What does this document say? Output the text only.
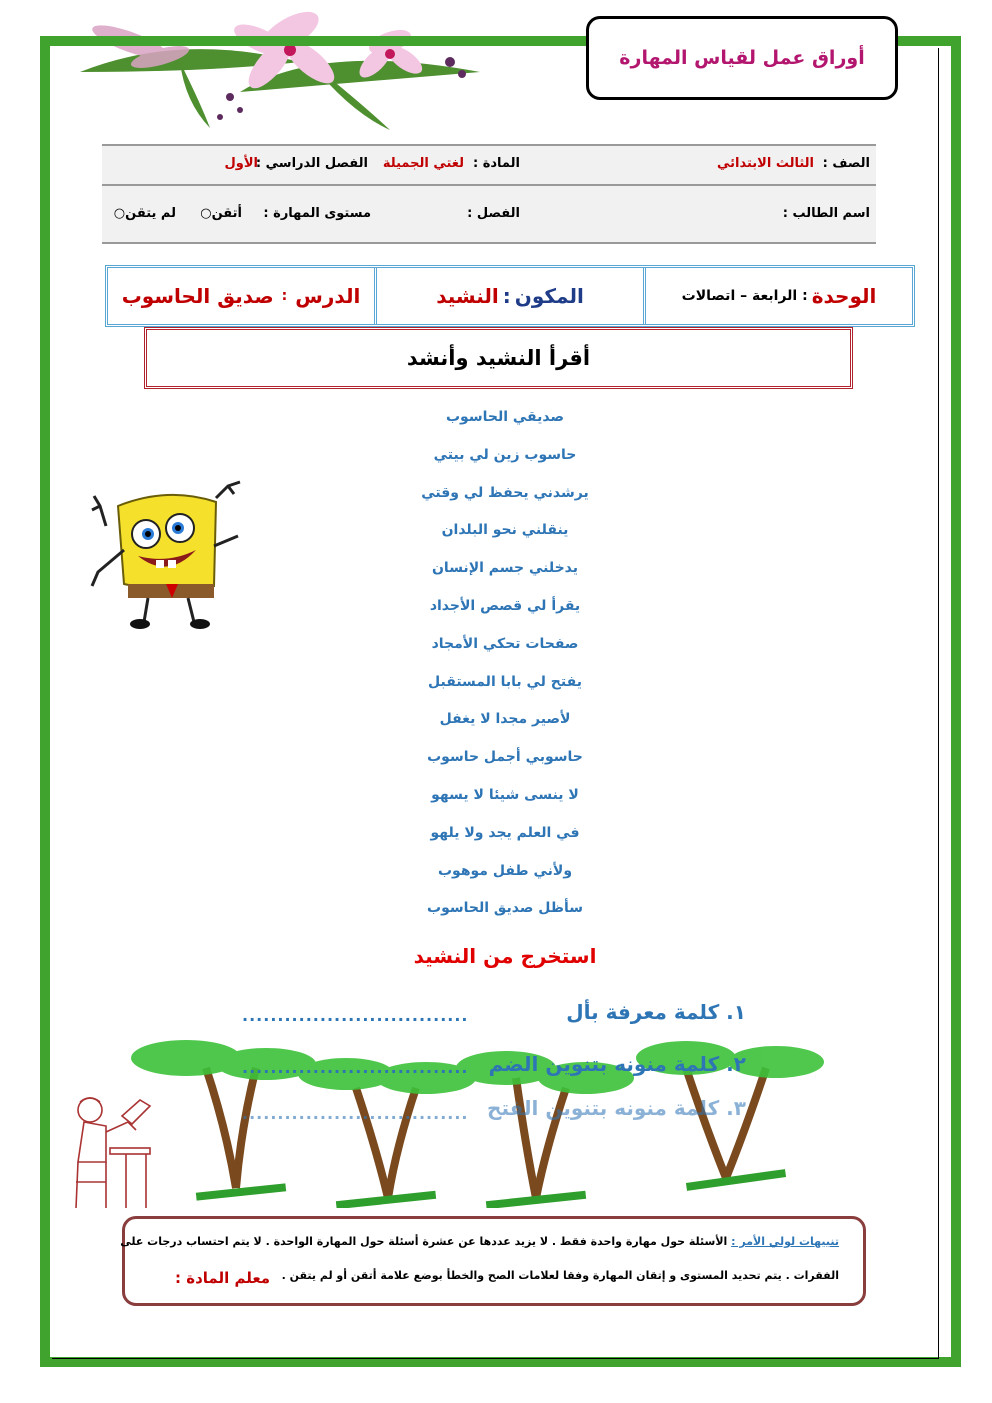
أوراق عمل لقياس المهارة
الصف :
الثالث الابتدائي
المادة :
لغتي الجميلة
الفصل الدراسي :
الأول
اسم الطالب :
الفصل :
مستوى المهارة :
أتقن○
لم يتقن○
الوحدة
: الرابعة – اتصالات
المكون
:
النشيد
الدرس
:
صديق الحاسوب
أقرأ النشيد وأنشد
صديقي الحاسوب
حاسوب زين لي بيتي
يرشدني يحفظ لي وقتي
ينقلني نحو البلدان
يدخلني جسم الإنسان
يقرأ لي قصص الأجداد
صفحات تحكي الأمجاد
يفتح لي بابا المستقبل
لأصير مجدا لا يغفل
حاسوبي أجمل حاسوب
لا ينسى شيئا لا يسهو
في العلم يجد ولا يلهو
ولأني طفل موهوب
سأظل صديق الحاسوب
استخرج من النشيد
١. كلمة معرفة بأل
................................
٢. كلمة منونه بتنوين الضم
................................
٣. كلمة منونه بتنوين الفتح
................................
تنبيهات لولي الأمر : الأسئلة حول مهارة واحدة فقط . لا يزيد عددها عن عشرة أسئلة حول المهارة الواحدة . لا يتم احتساب درجات على
الفقرات . يتم تحديد المستوى و إتقان المهارة وفقا لعلامات الصح والخطأ بوضع علامة أتقن أو لم يتقن .
معلم المادة :
